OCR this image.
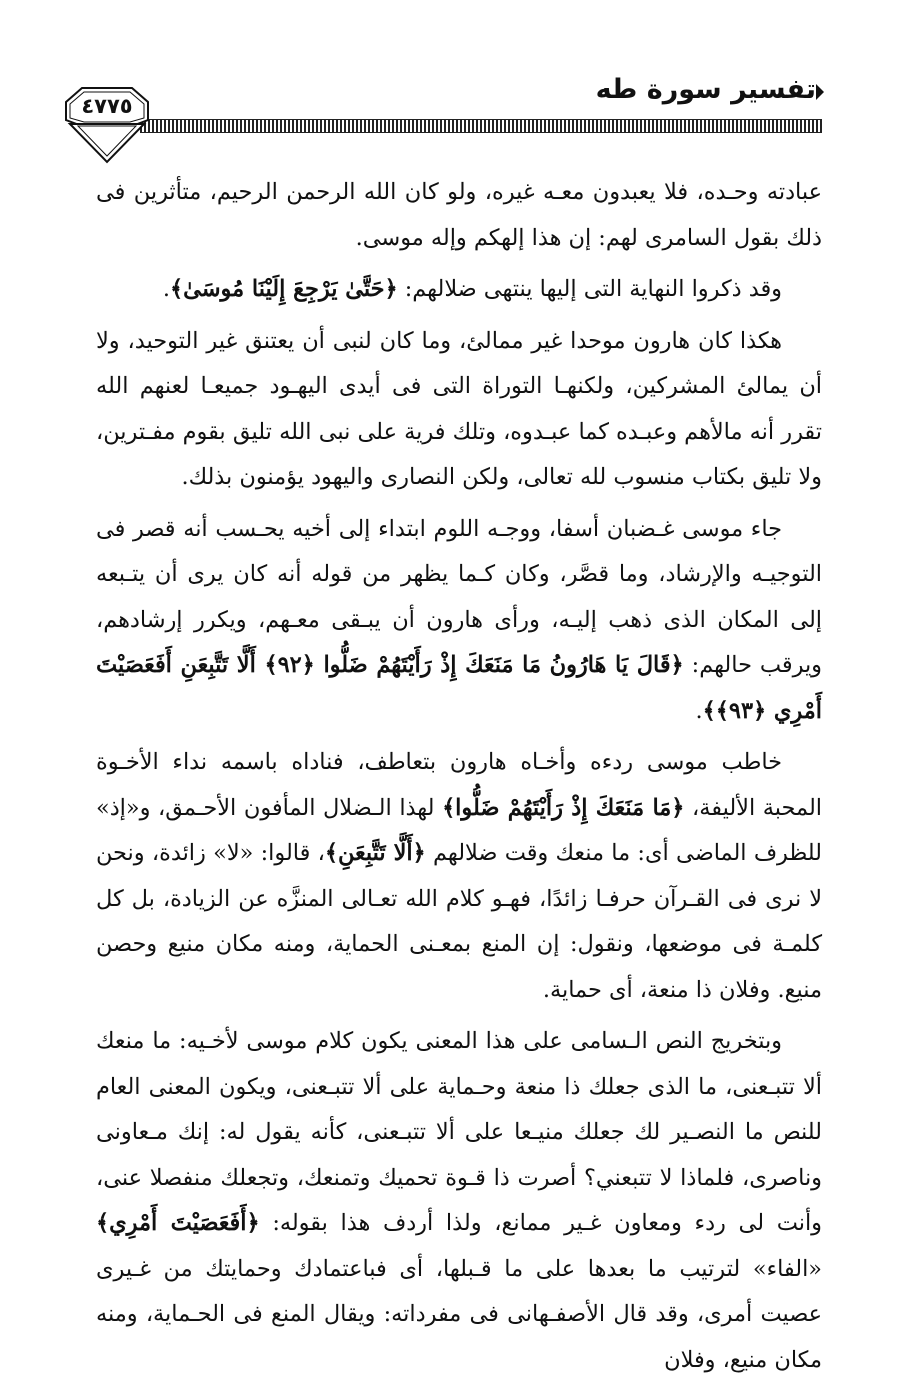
تفسير سورة طه
٤٧٧٥

عبادته وحـده، فلا يعبدون معـه غيره، ولو كان الله الرحمن الرحيم، متأثرين فى ذلك بقول السامرى لهم: إن هذا إلهكم وإله موسى.

وقد ذكروا النهاية التى إليها ينتهى ضلالهم: ﴿حَتَّىٰ يَرْجِعَ إِلَيْنَا مُوسَىٰ﴾.

هكذا كان هارون موحدا غير ممالئ، وما كان لنبى أن يعتنق غير التوحيد، ولا أن يمالئ المشركين، ولكنهـا التوراة التى فى أيدى اليهـود جميعـا لعنهم الله تقرر أنه مالأهم وعبـده كما عبـدوه، وتلك فرية على نبى الله تليق بقوم مفـترين، ولا تليق بكتاب منسوب لله تعالى، ولكن النصارى واليهود يؤمنون بذلك.

جاء موسى غـضبان أسفا، ووجـه اللوم ابتداء إلى أخيه يحـسب أنه قصر فى التوجيـه والإرشاد، وما قصَّر، وكان كـما يظهر من قوله أنه كان يرى أن يتـبعه إلى المكان الذى ذهب إليـه، ورأى هارون أن يبـقى معـهم، ويكرر إرشادهم، ويرقب حالهم: ﴿قَالَ يَا هَارُونُ مَا مَنَعَكَ إِذْ رَأَيْتَهُمْ ضَلُّوا ﴿٩٢﴾ أَلَّا تَتَّبِعَنِ أَفَعَصَيْتَ أَمْرِي ﴿٩٣﴾﴾.

خاطب موسى ردءه وأخـاه هارون بتعاطف، فناداه باسمه نداء الأخـوة المحبة الأليفة، ﴿مَا مَنَعَكَ إِذْ رَأَيْتَهُمْ ضَلُّوا﴾ لهذا الـضلال المأفون الأحـمق، و«إذ» للظرف الماضى أى: ما منعك وقت ضلالهم ﴿أَلَّا تَتَّبِعَنِ﴾، قالوا: «لا» زائدة، ونحن لا نرى فى القـرآن حرفـا زائدًا، فهـو كلام الله تعـالى المنزَّه عن الزيادة، بل كل كلمـة فى موضعها، ونقول: إن المنع بمعـنى الحماية، ومنه مكان منيع وحصن منيع. وفلان ذا منعة، أى حماية.

وبتخريج النص الـسامى على هذا المعنى يكون كلام موسى لأخـيه: ما منعك ألا تتبـعنى، ما الذى جعلك ذا منعة وحـماية على ألا تتبـعنى، ويكون المعنى العام للنص ما النصـير لك جعلك منيـعا على ألا تتبـعنى، كأنه يقول له: إنك مـعاونى وناصرى، فلماذا لا تتبعني؟ أصرت ذا قـوة تحميك وتمنعك، وتجعلك منفصلا عنى، وأنت لى ردء ومعاون غـير ممانع، ولذا أردف هذا بقوله: ﴿أَفَعَصَيْتَ أَمْرِي﴾ «الفاء» لترتيب ما بعدها على ما قـبلها، أى فباعتمادك وحمايتك من غـيرى عصيت أمرى، وقد قال الأصفـهانى فى مفرداته: ويقال المنع فى الحـماية، ومنه مكان منيع، وفلان
